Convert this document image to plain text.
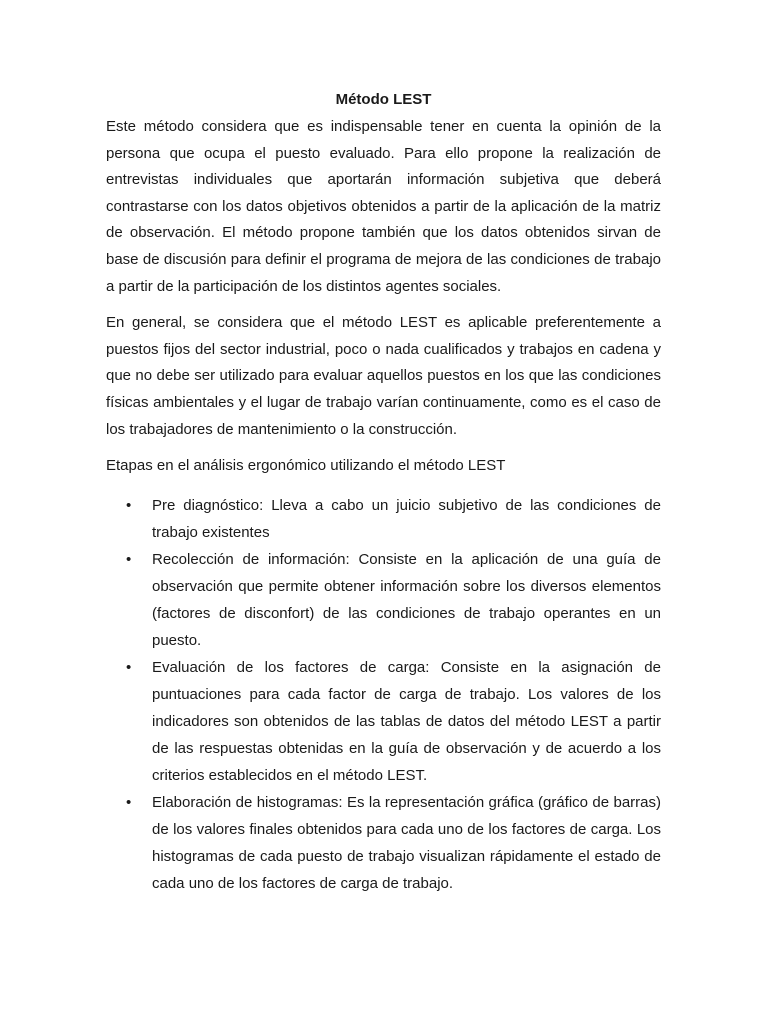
Método LEST

Este método considera que es indispensable tener en cuenta la opinión de la persona que ocupa el puesto evaluado. Para ello propone la realización de entrevistas individuales que aportarán información subjetiva que deberá contrastarse con los datos objetivos obtenidos a partir de la aplicación de la matriz de observación. El método propone también que los datos obtenidos sirvan de base de discusión para definir el programa de mejora de las condiciones de trabajo a partir de la participación de los distintos agentes sociales.

En general, se considera que el método LEST es aplicable preferentemente a puestos fijos del sector industrial, poco o nada cualificados y trabajos en cadena y que no debe ser utilizado para evaluar aquellos puestos en los que las condiciones físicas ambientales y el lugar de trabajo varían continuamente, como es el caso de los trabajadores de mantenimiento o la construcción.

Etapas en el análisis ergonómico utilizando el método LEST

• Pre diagnóstico: Lleva a cabo un juicio subjetivo de las condiciones de trabajo existentes
• Recolección de información: Consiste en la aplicación de una guía de observación que permite obtener información sobre los diversos elementos (factores de disconfort) de las condiciones de trabajo operantes en un puesto.
• Evaluación de los factores de carga: Consiste en la asignación de puntuaciones para cada factor de carga de trabajo. Los valores de los indicadores son obtenidos de las tablas de datos del método LEST a partir de las respuestas obtenidas en la guía de observación y de acuerdo a los criterios establecidos en el método LEST.
• Elaboración de histogramas: Es la representación gráfica (gráfico de barras) de los valores finales obtenidos para cada uno de los factores de carga. Los histogramas de cada puesto de trabajo visualizan rápidamente el estado de cada uno de los factores de carga de trabajo.
